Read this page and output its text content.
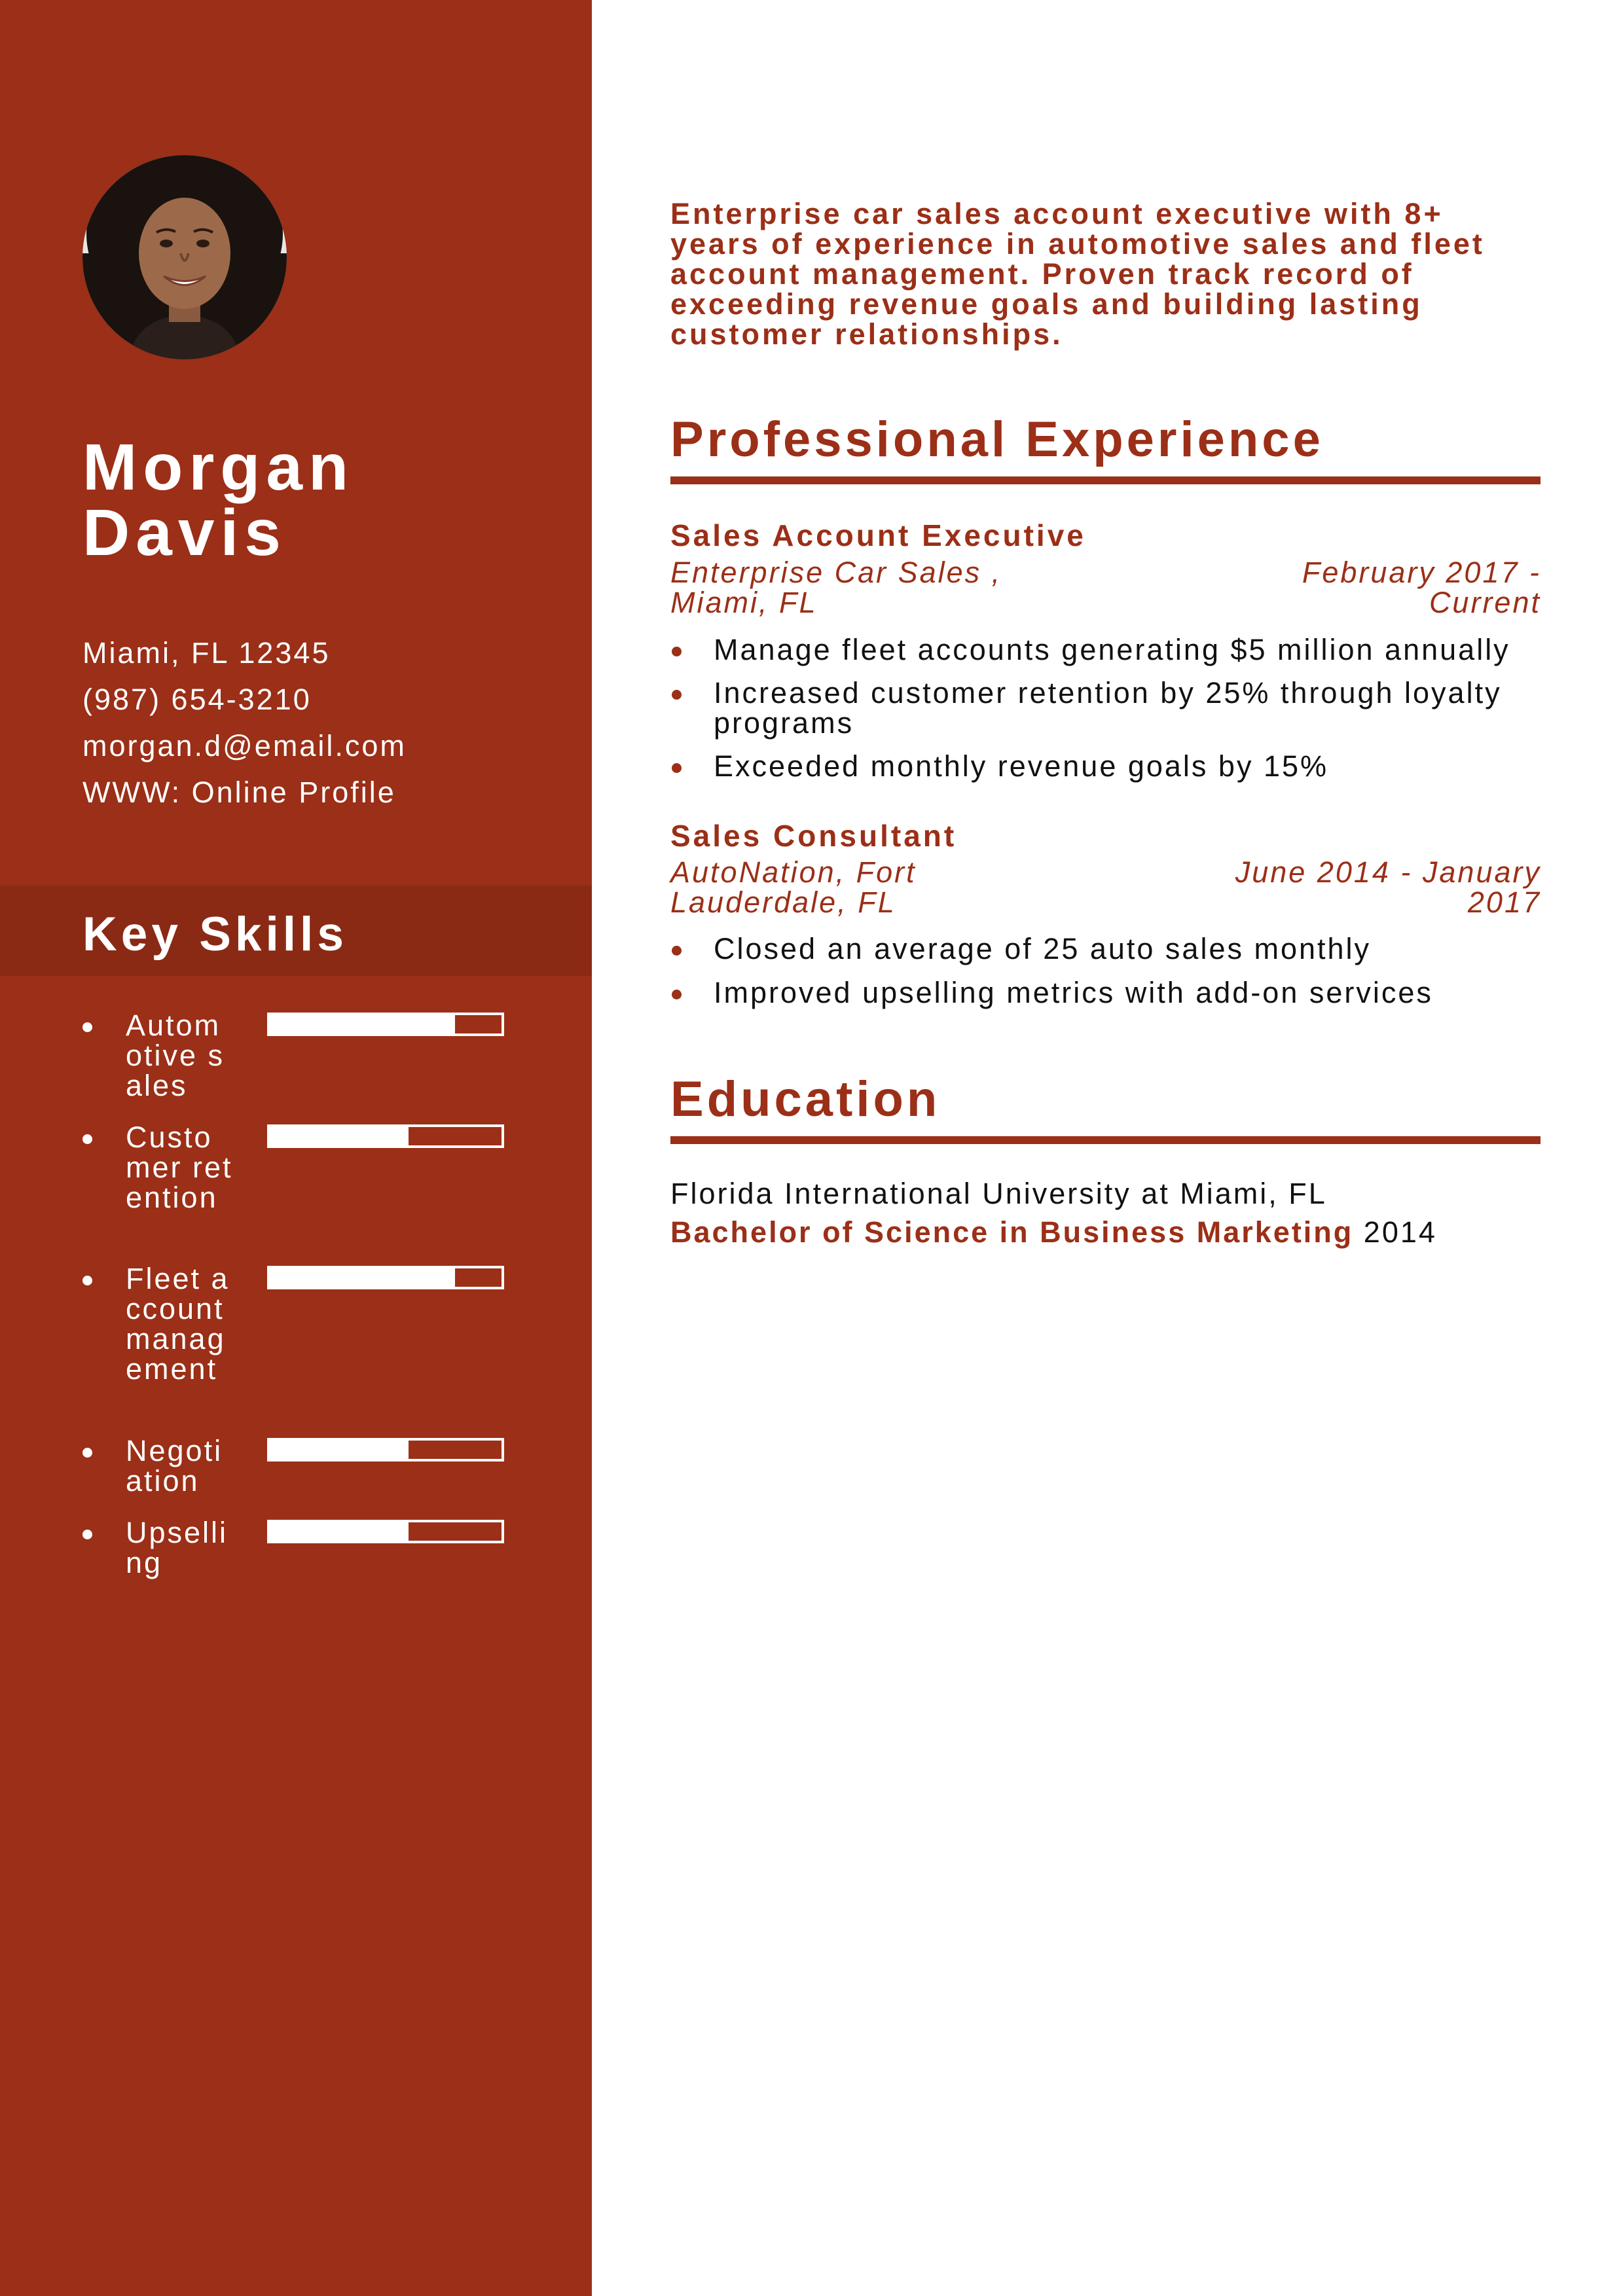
Morgan
Davis
Miami, FL 12345
(987) 654-3210
morgan.d@email.com
WWW: Online Profile
Key Skills
Automotive sales
Customer retention
Fleet account management
Negotiation
Upselling
Enterprise car sales account executive with 8+ years of experience in automotive sales and fleet account management. Proven track record of exceeding revenue goals and building lasting customer relationships.
Professional Experience
Sales Account Executive
Enterprise Car Sales , Miami, FL
February 2017 - Current
Manage fleet accounts generating $5 million annually
Increased customer retention by 25% through loyalty programs
Exceeded monthly revenue goals by 15%
Sales Consultant
AutoNation, Fort Lauderdale, FL
June 2014 - January 2017
Closed an average of 25 auto sales monthly
Improved upselling metrics with add-on services
Education
Florida International University at Miami, FL
Bachelor of Science in Business Marketing 2014
